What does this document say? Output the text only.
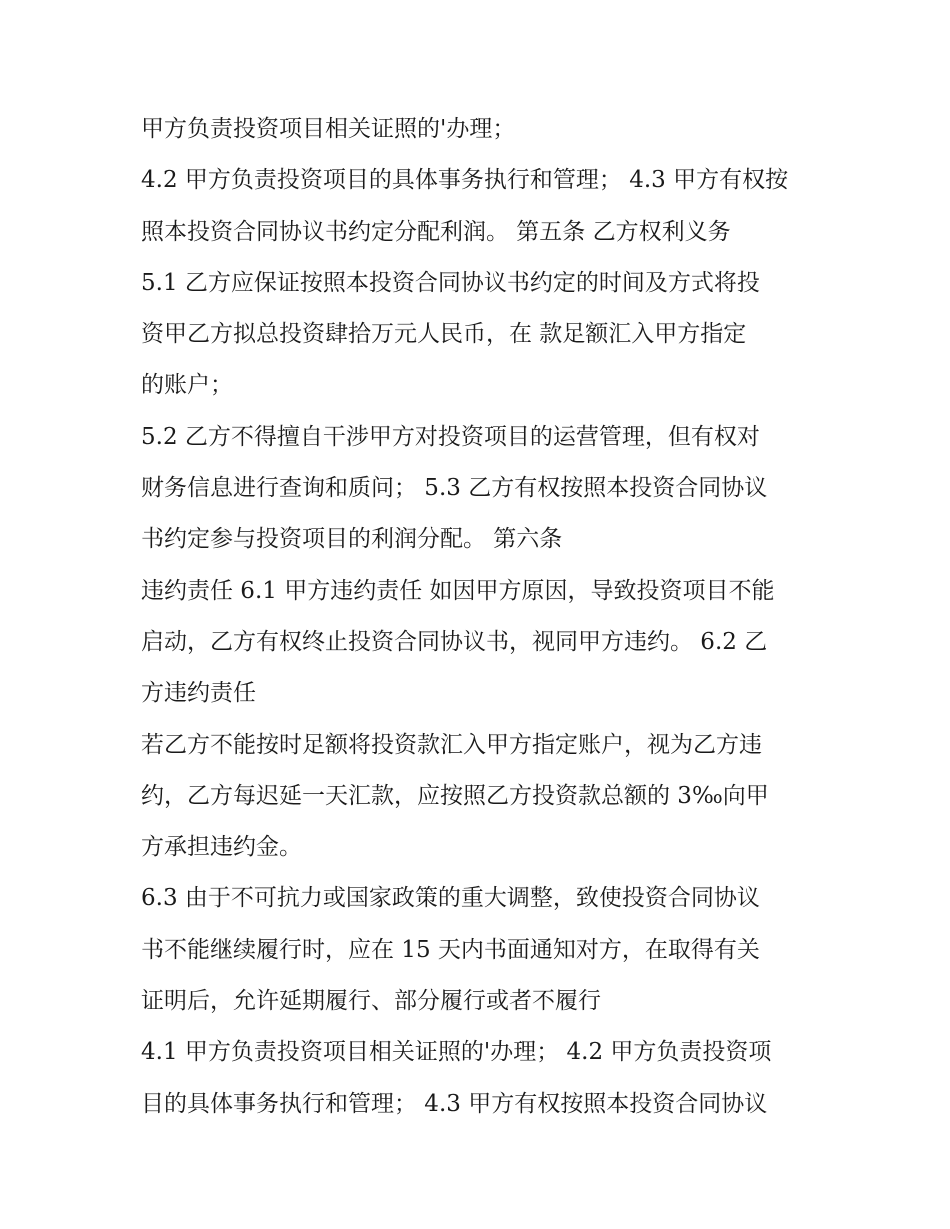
甲方负责投资项目相关证照的'办理；
4.2 甲方负责投资项目的具体事务执行和管理； 4.3 甲方有权按
照本投资合同协议书约定分配利润。 第五条 乙方权利义务
5.1 乙方应保证按照本投资合同协议书约定的时间及方式将投
资甲乙方拟总投资肆拾万元人民币，在 款足额汇入甲方指定
的账户；
5.2 乙方不得擅自干涉甲方对投资项目的运营管理，但有权对
财务信息进行查询和质问； 5.3 乙方有权按照本投资合同协议
书约定参与投资项目的利润分配。 第六条
违约责任 6.1 甲方违约责任 如因甲方原因，导致投资项目不能
启动，乙方有权终止投资合同协议书，视同甲方违约。 6.2 乙
方违约责任
若乙方不能按时足额将投资款汇入甲方指定账户，视为乙方违
约，乙方每迟延一天汇款，应按照乙方投资款总额的 3‰向甲
方承担违约金。
6.3 由于不可抗力或国家政策的重大调整，致使投资合同协议
书不能继续履行时，应在 15 天内书面通知对方，在取得有关
证明后，允许延期履行、部分履行或者不履行
4.1 甲方负责投资项目相关证照的'办理； 4.2 甲方负责投资项
目的具体事务执行和管理； 4.3 甲方有权按照本投资合同协议
